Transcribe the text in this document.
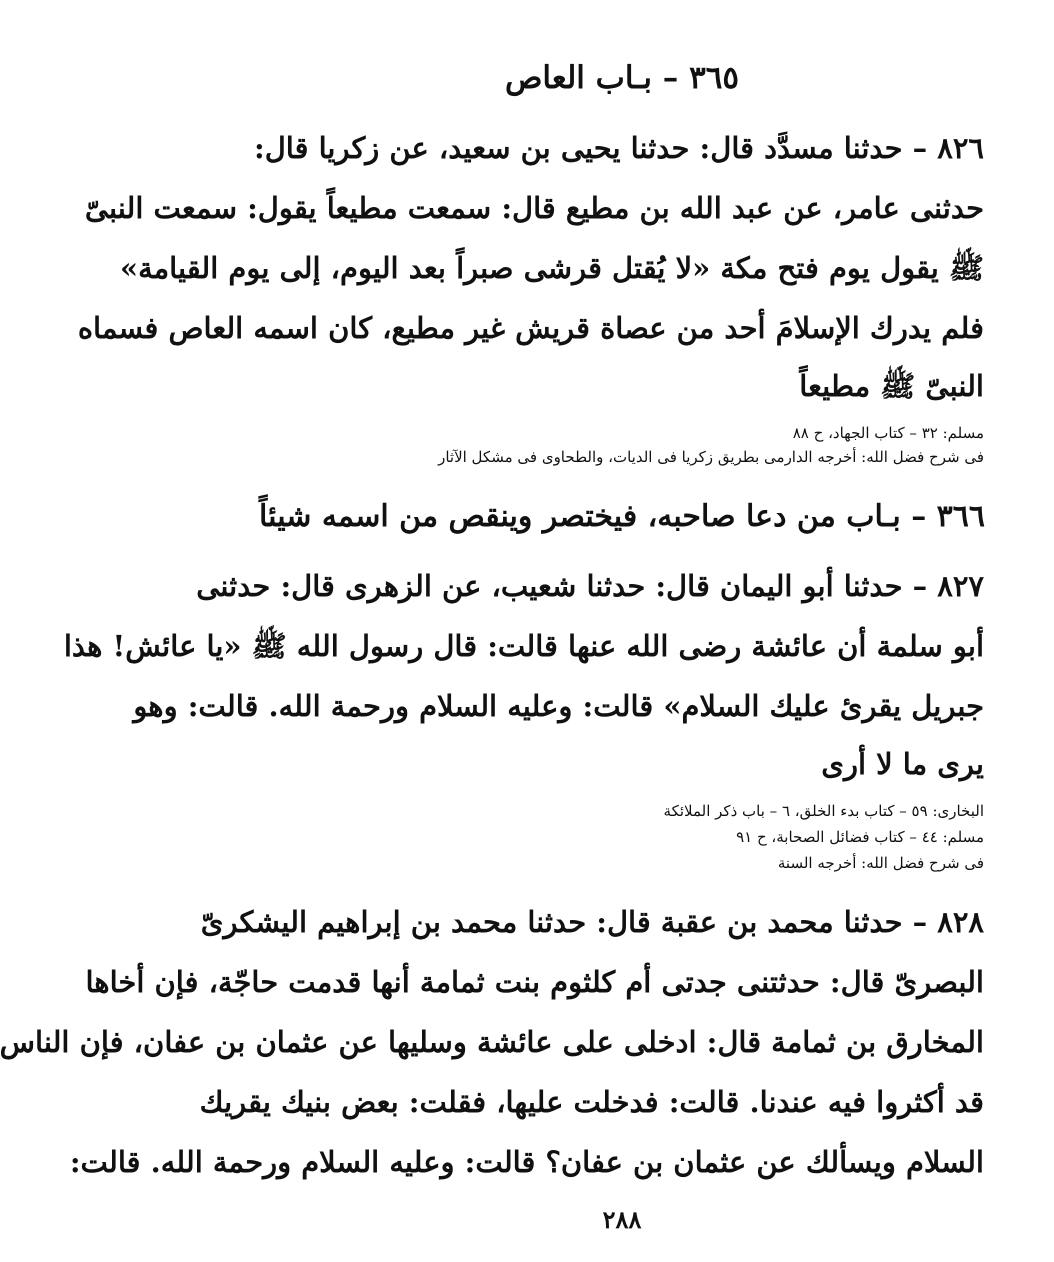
٣٦٥ – بـاب العاص
٨٢٦ – حدثنا مسدَّد قال: حدثنا يحيى بن سعيد، عن زكريا قال:
حدثنى عامر، عن عبد الله بن مطيع قال: سمعت مطيعاً يقول: سمعت النبىّ
ﷺ يقول يوم فتح مكة «لا يُقتل قرشى صبراً بعد اليوم، إلى يوم القيامة»
فلم يدرك الإسلامَ أحد من عصاة قريش غير مطيع، كان اسمه العاص فسماه
النبىّ ﷺ مطيعاً
مسلم: ٣٢ – كتاب الجهاد، ح ٨٨
فى شرح فضل الله: أخرجه الدارمى بطريق زكريا فى الديات، والطحاوى فى مشكل الآثار
٣٦٦ – بـاب من دعا صاحبه، فيختصر وينقص من اسمه شيئاً
٨٢٧ – حدثنا أبو اليمان قال: حدثنا شعيب، عن الزهرى قال: حدثنى
أبو سلمة أن عائشة رضى الله عنها قالت: قال رسول الله ﷺ «يا عائش! هذا
جبريل يقرئ عليك السلام» قالت: وعليه السلام ورحمة الله. قالت: وهو
يرى ما لا أرى
البخارى: ٥٩ – كتاب بدء الخلق، ٦ – باب ذكر الملائكة
مسلم: ٤٤ – كتاب فضائل الصحابة، ح ٩١
فى شرح فضل الله: أخرجه السنة
٨٢٨ – حدثنا محمد بن عقبة قال: حدثنا محمد بن إبراهيم اليشكرىّ
البصرىّ قال: حدثتنى جدتى أم كلثوم بنت ثمامة أنها قدمت حاجّة، فإن أخاها
المخارق بن ثمامة قال: ادخلى على عائشة وسليها عن عثمان بن عفان، فإن الناس
قد أكثروا فيه عندنا. قالت: فدخلت عليها، فقلت: بعض بنيك يقريك
السلام ويسألك عن عثمان بن عفان؟ قالت: وعليه السلام ورحمة الله. قالت:
٢٨٨
